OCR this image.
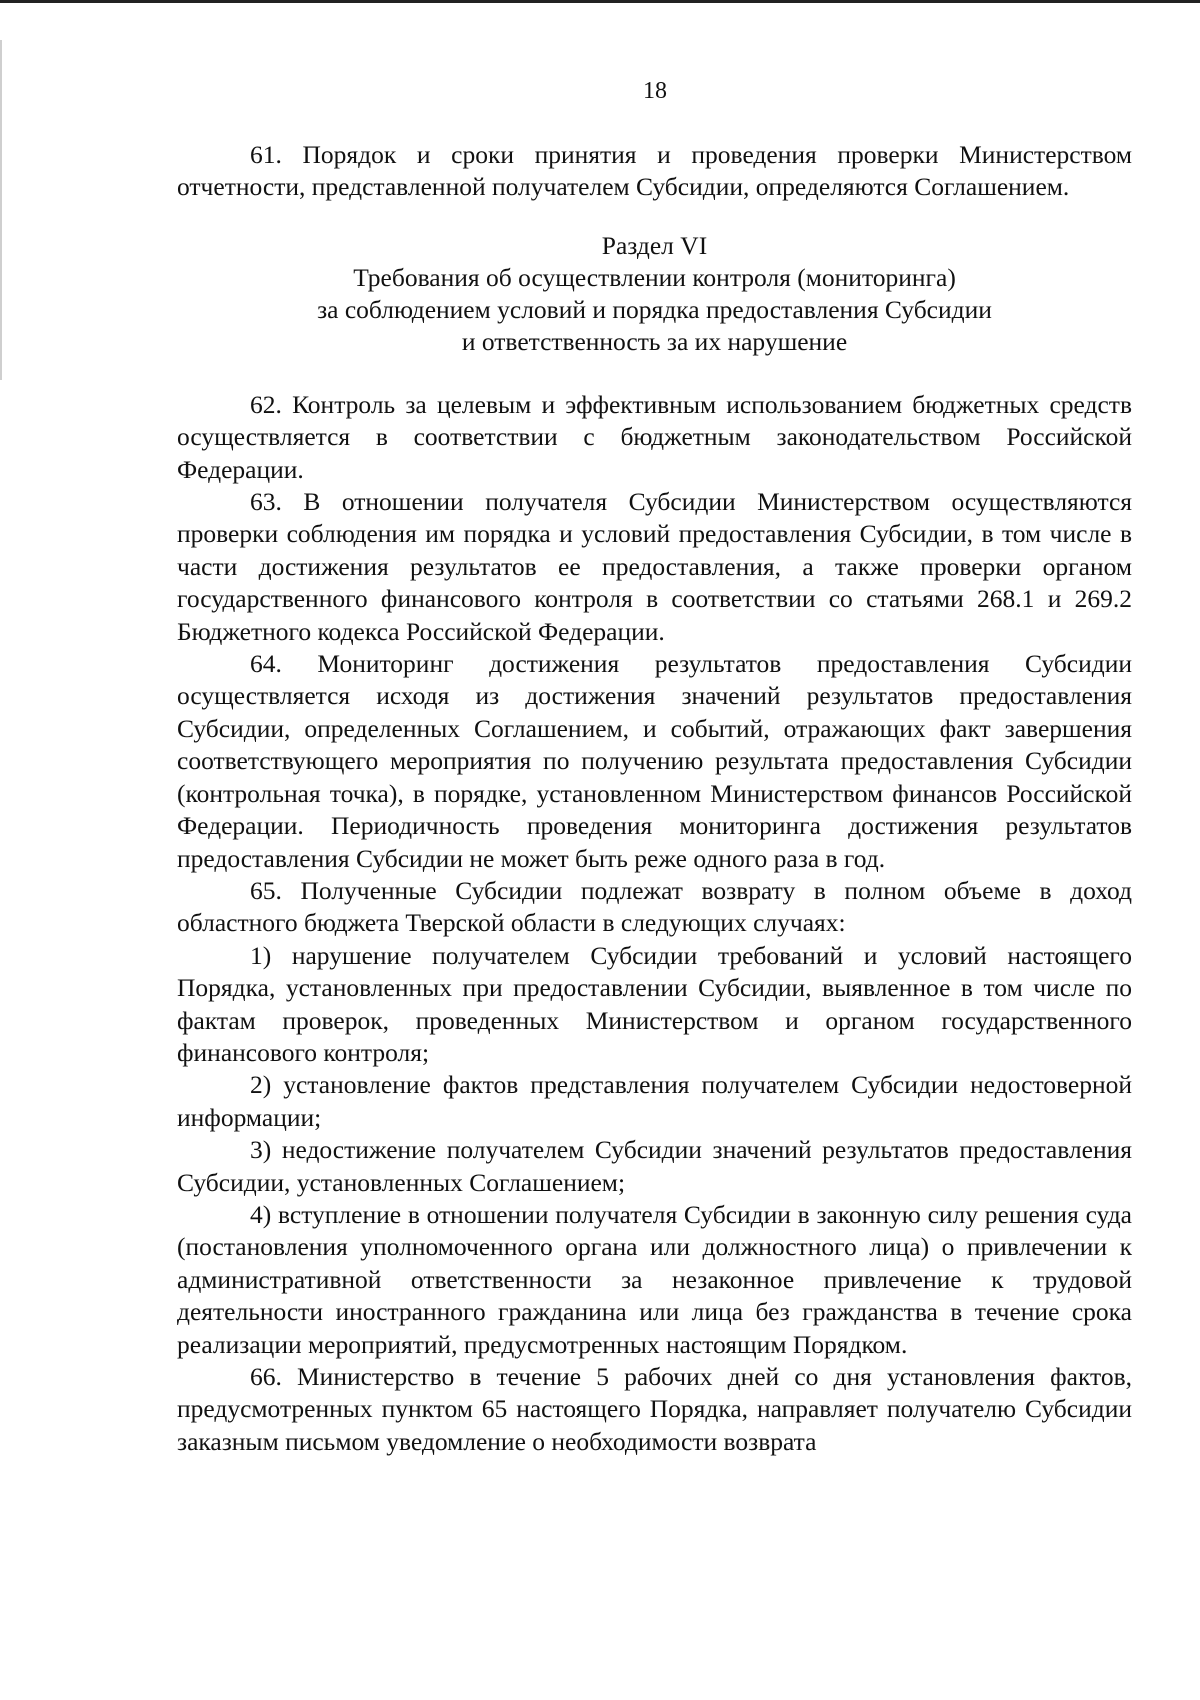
18

61. Порядок и сроки принятия и проведения проверки Министерством отчетности, представленной получателем Субсидии, определяются Соглашением.

Раздел VI
Требования об осуществлении контроля (мониторинга)
за соблюдением условий и порядка предоставления Субсидии
и ответственность за их нарушение

62. Контроль за целевым и эффективным использованием бюджетных средств осуществляется в соответствии с бюджетным законодательством Российской Федерации.

63. В отношении получателя Субсидии Министерством осуществляются проверки соблюдения им порядка и условий предоставления Субсидии, в том числе в части достижения результатов ее предоставления, а также проверки органом государственного финансового контроля в соответствии со статьями 268.1 и 269.2 Бюджетного кодекса Российской Федерации.

64. Мониторинг достижения результатов предоставления Субсидии осуществляется исходя из достижения значений результатов предоставления Субсидии, определенных Соглашением, и событий, отражающих факт завершения соответствующего мероприятия по получению результата предоставления Субсидии (контрольная точка), в порядке, установленном Министерством финансов Российской Федерации. Периодичность проведения мониторинга достижения результатов предоставления Субсидии не может быть реже одного раза в год.

65. Полученные Субсидии подлежат возврату в полном объеме в доход областного бюджета Тверской области в следующих случаях:

1) нарушение получателем Субсидии требований и условий настоящего Порядка, установленных при предоставлении Субсидии, выявленное в том числе по фактам проверок, проведенных Министерством и органом государственного финансового контроля;

2) установление фактов представления получателем Субсидии недостоверной информации;

3) недостижение получателем Субсидии значений результатов предоставления Субсидии, установленных Соглашением;

4) вступление в отношении получателя Субсидии в законную силу решения суда (постановления уполномоченного органа или должностного лица) о привлечении к административной ответственности за незаконное привлечение к трудовой деятельности иностранного гражданина или лица без гражданства в течение срока реализации мероприятий, предусмотренных настоящим Порядком.

66. Министерство в течение 5 рабочих дней со дня установления фактов, предусмотренных пунктом 65 настоящего Порядка, направляет получателю Субсидии заказным письмом уведомление о необходимости возврата
